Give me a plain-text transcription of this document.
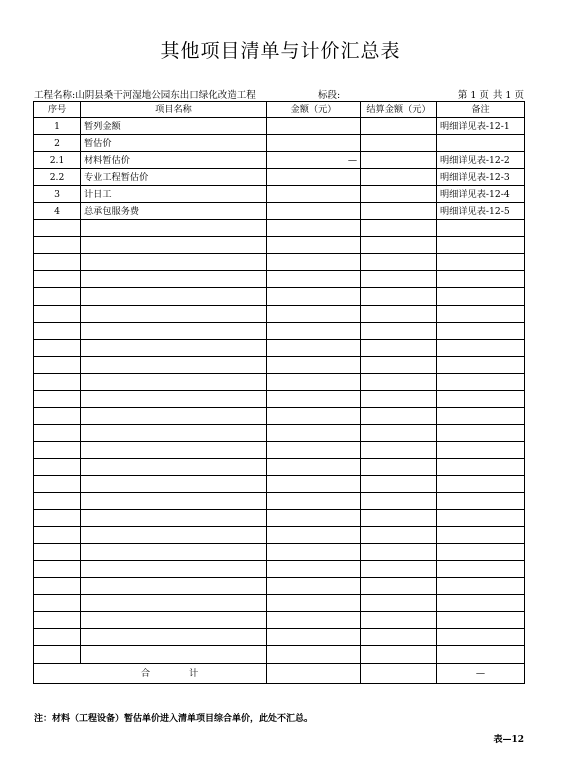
其他项目清单与计价汇总表
工程名称:山阴县桑干河湿地公园东出口绿化改造工程	标段:	第 1 页 共 1 页
序号	项目名称	金额（元）	结算金额（元）	备注
1	暂列金额			明细详见表-12-1
2	暂估价			
2.1	材料暂估价	—		明细详见表-12-2
2.2	专业工程暂估价			明细详见表-12-3
3	计日工			明细详见表-12-4
4	总承包服务费			明细详见表-12-5

合 计				—
注：材料（工程设备）暂估单价进入清单项目综合单价，此处不汇总。
表—12
